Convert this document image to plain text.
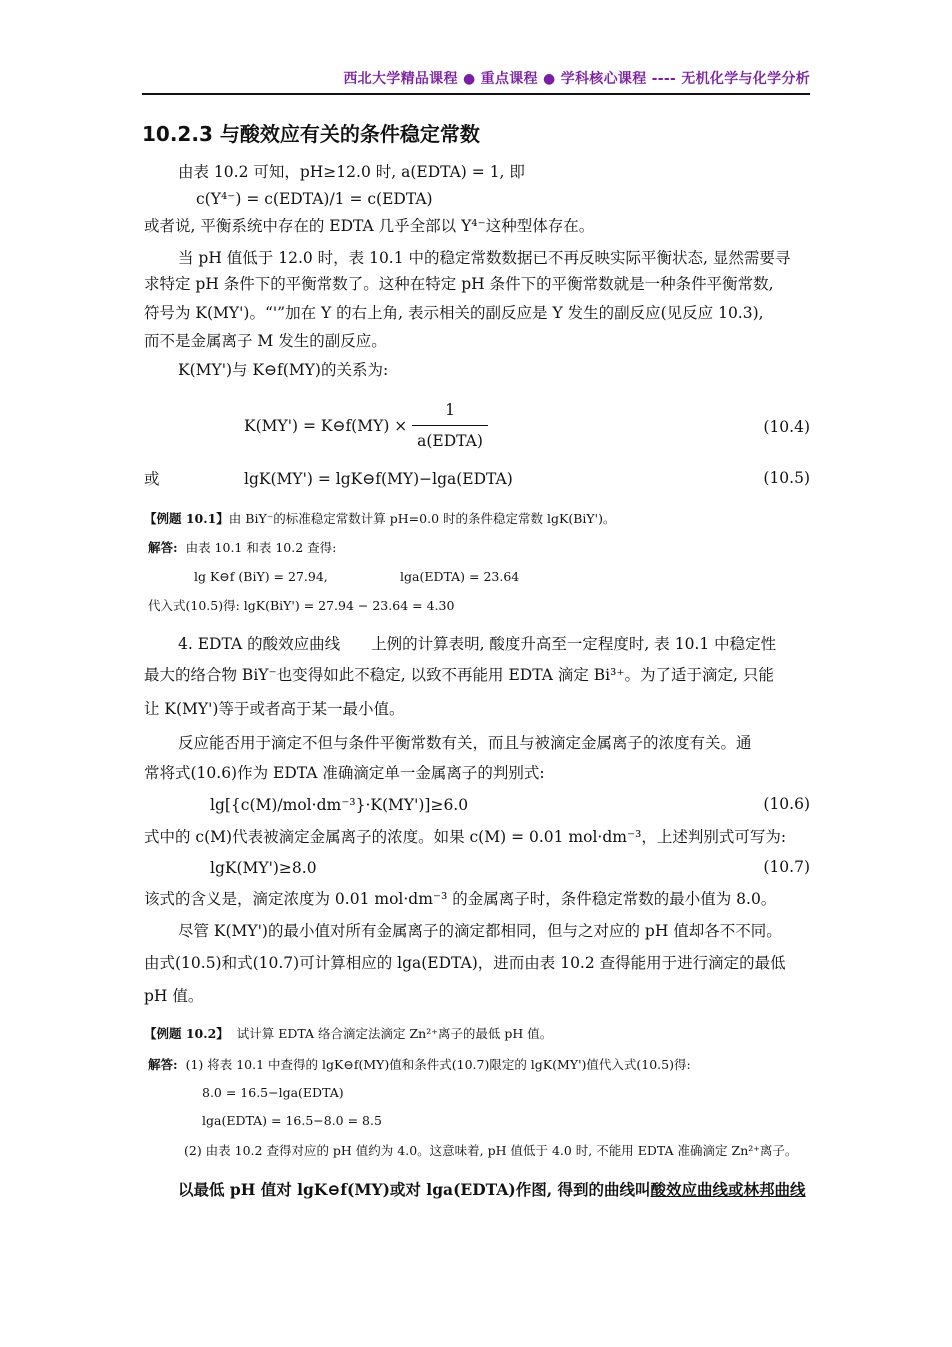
西北大学精品课程 ● 重点课程 ● 学科核心课程 ---- 无机化学与化学分析
10.2.3 与酸效应有关的条件稳定常数
由表 10.2 可知，pH≥12.0 时, a(EDTA) = 1, 即
c(Y⁴⁻) = c(EDTA)/1 = c(EDTA)
或者说, 平衡系统中存在的 EDTA 几乎全部以 Y⁴⁻这种型体存在。
当 pH 值低于 12.0 时，表 10.1 中的稳定常数数据已不再反映实际平衡状态, 显然需要寻
求特定 pH 条件下的平衡常数了。这种在特定 pH 条件下的平衡常数就是一种条件平衡常数,
符号为 K(MY')。“'”加在 Y 的右上角, 表示相关的副反应是 Y 发生的副反应(见反应 10.3),
而不是金属离子 M 发生的副反应。
K(MY')与 K⊖f(MY)的关系为:
K(MY') = K⊖f(MY) ×
1
a(EDTA)
(10.4)
或	lgK(MY') = lgK⊖f(MY)−lga(EDTA)	(10.5)
【例题 10.1】由 BiY⁻的标准稳定常数计算 pH=0.0 时的条件稳定常数 lgK(BiY')。
解答: 由表 10.1 和表 10.2 查得:
lg K⊖f (BiY) = 27.94,	lga(EDTA) = 23.64
代入式(10.5)得: lgK(BiY') = 27.94 − 23.64 = 4.30
4. EDTA 的酸效应曲线　　上例的计算表明, 酸度升高至一定程度时, 表 10.1 中稳定性
最大的络合物 BiY⁻也变得如此不稳定, 以致不再能用 EDTA 滴定 Bi³⁺。为了适于滴定, 只能
让 K(MY')等于或者高于某一最小值。
反应能否用于滴定不但与条件平衡常数有关，而且与被滴定金属离子的浓度有关。通
常将式(10.6)作为 EDTA 准确滴定单一金属离子的判别式:
lg[{c(M)/mol·dm⁻³}·K(MY')]≥6.0	(10.6)
式中的 c(M)代表被滴定金属离子的浓度。如果 c(M) = 0.01 mol·dm⁻³，上述判别式可写为:
lgK(MY')≥8.0	(10.7)
该式的含义是，滴定浓度为 0.01 mol·dm⁻³ 的金属离子时，条件稳定常数的最小值为 8.0。
尽管 K(MY')的最小值对所有金属离子的滴定都相同，但与之对应的 pH 值却各不不同。
由式(10.5)和式(10.7)可计算相应的 lga(EDTA)，进而由表 10.2 查得能用于进行滴定的最低
pH 值。
【例题 10.2】 试计算 EDTA 络合滴定法滴定 Zn²⁺离子的最低 pH 值。
解答: (1) 将表 10.1 中查得的 lgK⊖f(MY)值和条件式(10.7)限定的 lgK(MY')值代入式(10.5)得:
8.0 = 16.5−lga(EDTA)
lga(EDTA) = 16.5−8.0 = 8.5
(2) 由表 10.2 查得对应的 pH 值约为 4.0。这意味着, pH 值低于 4.0 时, 不能用 EDTA 准确滴定 Zn²⁺离子。
以最低 pH 值对 lgK⊖f(MY)或对 lga(EDTA)作图, 得到的曲线叫酸效应曲线或林邦曲线
